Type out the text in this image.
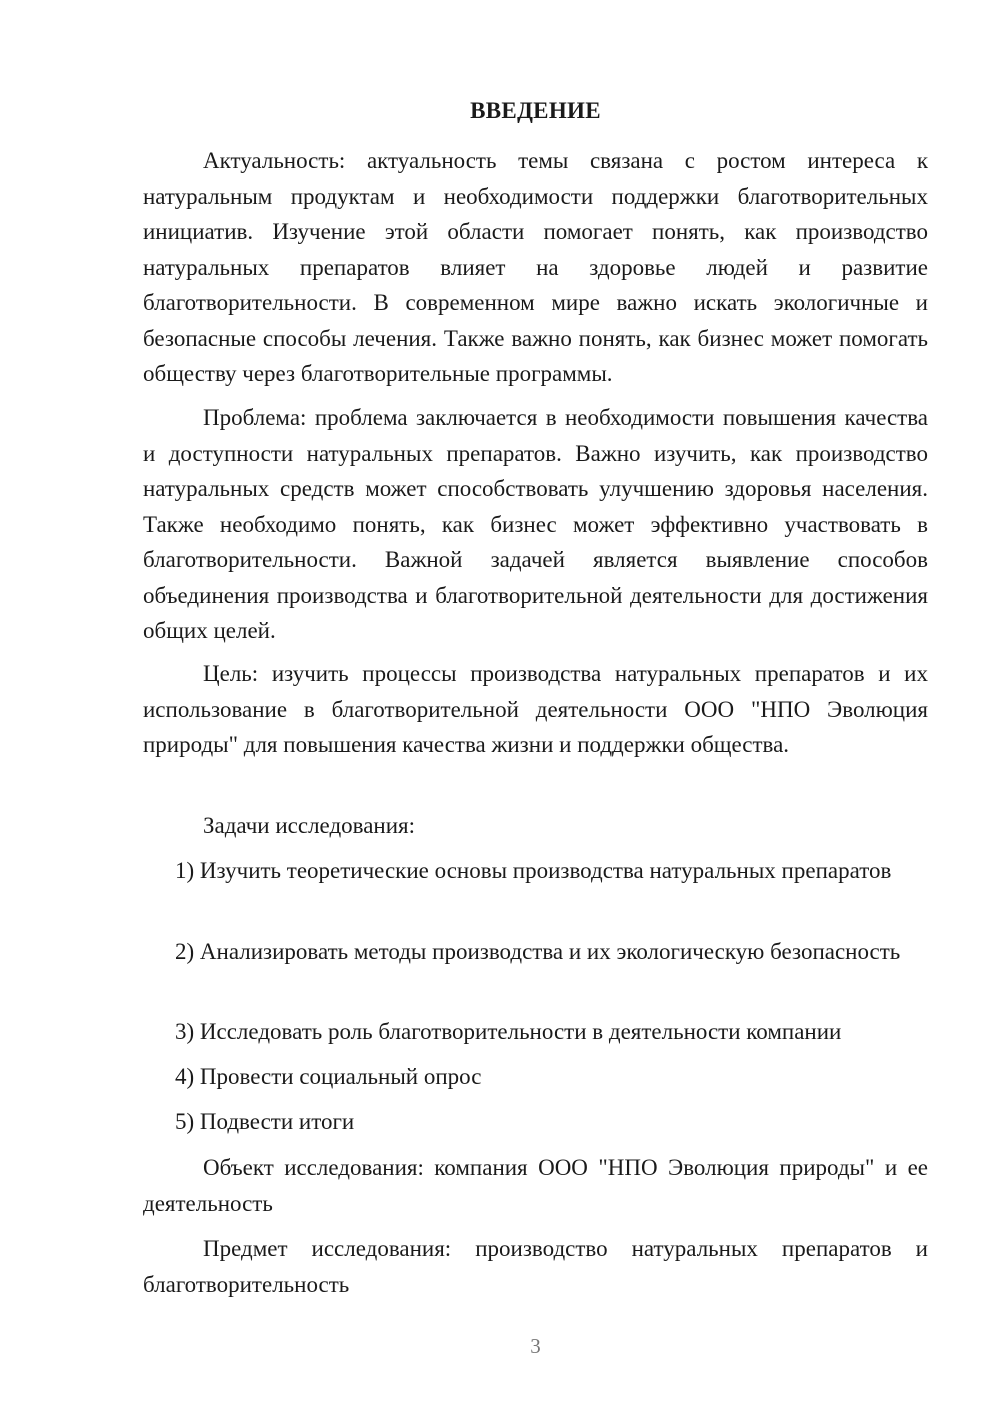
ВВЕДЕНИЕ

Актуальность: актуальность темы связана с ростом интереса к натуральным продуктам и необходимости поддержки благотворительных инициатив. Изучение этой области помогает понять, как производство натуральных препаратов влияет на здоровье людей и развитие благотворительности. В современном мире важно искать экологичные и безопасные способы лечения. Также важно понять, как бизнес может помогать обществу через благотворительные программы.

Проблема: проблема заключается в необходимости повышения качества и доступности натуральных препаратов. Важно изучить, как производство натуральных средств может способствовать улучшению здоровья населения. Также необходимо понять, как бизнес может эффективно участвовать в благотворительности. Важной задачей является выявление способов объединения производства и благотворительной деятельности для достижения общих целей.

Цель: изучить процессы производства натуральных препаратов и их использование в благотворительной деятельности ООО "НПО Эволюция природы" для повышения качества жизни и поддержки общества.

Задачи исследования:

1) Изучить теоретические основы производства натуральных препаратов

2) Анализировать методы производства и их экологическую безопасность

3) Исследовать роль благотворительности в деятельности компании

4) Провести социальный опрос

5) Подвести итоги

Объект исследования: компания ООО "НПО Эволюция природы" и ее деятельность

Предмет исследования: производство натуральных препаратов и благотворительность

3
